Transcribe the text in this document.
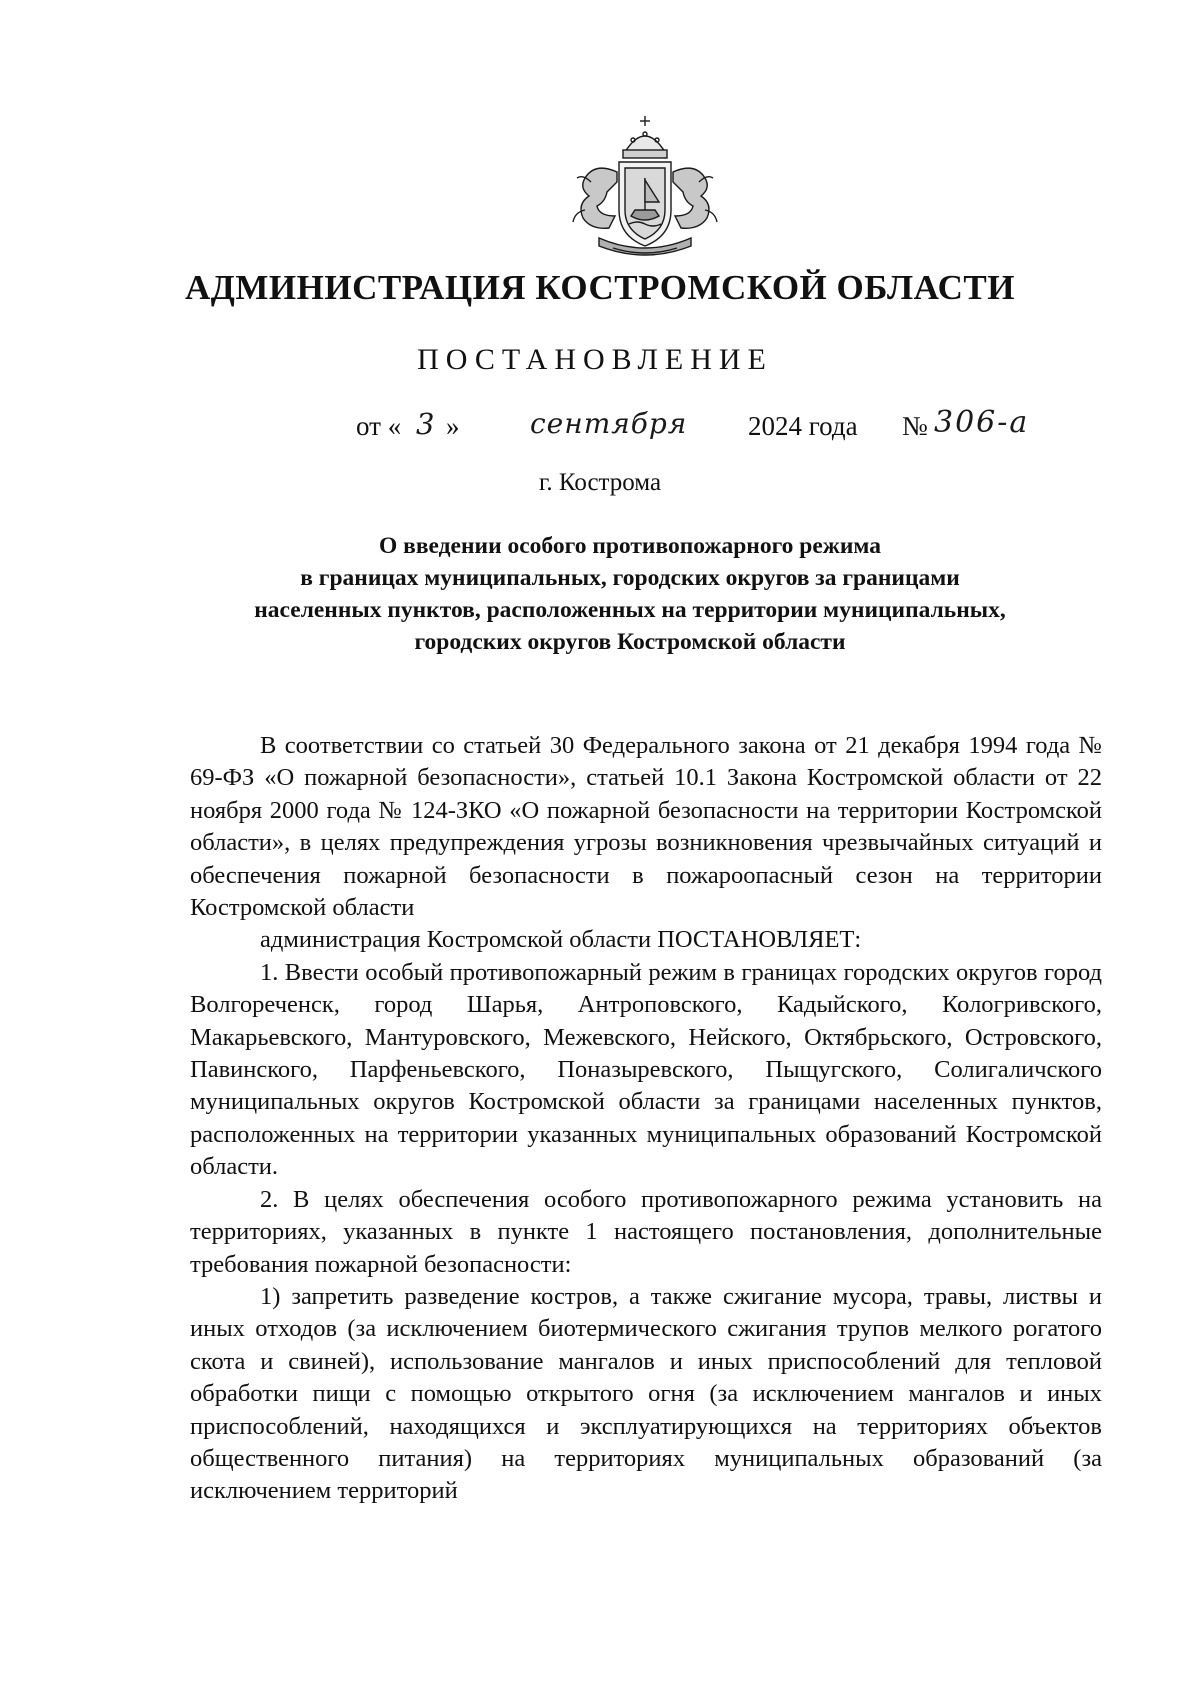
АДМИНИСТРАЦИЯ КОСТРОМСКОЙ ОБЛАСТИ
ПОСТАНОВЛЕНИЕ
от « 3 »	сентября 2024 года № 306-а
г. Кострома
О введении особого противопожарного режима
в границах муниципальных, городских округов за границами
населенных пунктов, расположенных на территории муниципальных,
городских округов Костромской области

В соответствии со статьей 30 Федерального закона от 21 декабря 1994 года № 69-ФЗ «О пожарной безопасности», статьей 10.1 Закона Костромской области от 22 ноября 2000 года № 124-ЗКО «О пожарной безопасности на территории Костромской области», в целях предупреждения угрозы возникновения чрезвычайных ситуаций и обеспечения пожарной безопасности в пожароопасный сезон на территории Костромской области

администрация Костромской области ПОСТАНОВЛЯЕТ:

1. Ввести особый противопожарный режим в границах городских округов город Волгореченск, город Шарья, Антроповского, Кадыйского, Кологривского, Макарьевского, Мантуровского, Межевского, Нейского, Октябрьского, Островского, Павинского, Парфеньевского, Поназыревского, Пыщугского, Солигаличского муниципальных округов Костромской области за границами населенных пунктов, расположенных на территории указанных муниципальных образований Костромской области.

2. В целях обеспечения особого противопожарного режима установить на территориях, указанных в пункте 1 настоящего постановления, дополнительные требования пожарной безопасности:

1) запретить разведение костров, а также сжигание мусора, травы, листвы и иных отходов (за исключением биотермического сжигания трупов мелкого рогатого скота и свиней), использование мангалов и иных приспособлений для тепловой обработки пищи с помощью открытого огня (за исключением мангалов и иных приспособлений, находящихся и эксплуатирующихся на территориях объектов общественного питания) на территориях муниципальных образований (за исключением территорий
